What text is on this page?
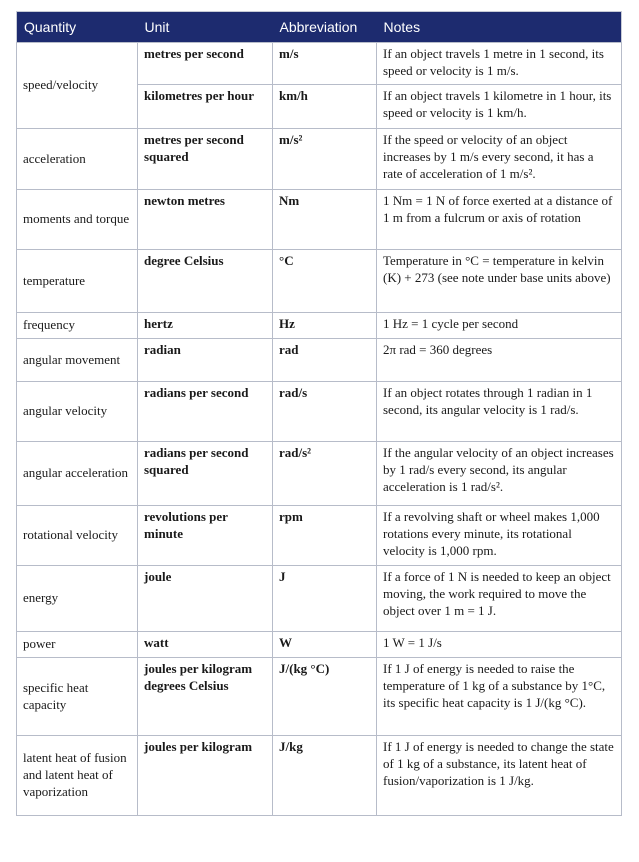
Quantity	Unit	Abbreviation	Notes
speed/velocity	metres per second	m/s	If an object travels 1 metre in 1 second, its speed or velocity is 1 m/s.
	kilometres per hour	km/h	If an object travels 1 kilometre in 1 hour, its speed or velocity is 1 km/h.
acceleration	metres per second squared	m/s²	If the speed or velocity of an object increases by 1 m/s every second, it has a rate of acceleration of 1 m/s².
moments and torque	newton metres	Nm	1 Nm = 1 N of force exerted at a distance of 1 m from a fulcrum or axis of rotation
temperature	degree Celsius	°C	Temperature in °C = temperature in kelvin (K) + 273 (see note under base units above)
frequency	hertz	Hz	1 Hz = 1 cycle per second
angular movement	radian	rad	2π rad = 360 degrees
angular velocity	radians per second	rad/s	If an object rotates through 1 radian in 1 second, its angular velocity is 1 rad/s.
angular acceleration	radians per second squared	rad/s²	If the angular velocity of an object increases by 1 rad/s every second, its angular acceleration is 1 rad/s².
rotational velocity	revolutions per minute	rpm	If a revolving shaft or wheel makes 1,000 rotations every minute, its rotational velocity is 1,000 rpm.
energy	joule	J	If a force of 1 N is needed to keep an object moving, the work required to move the object over 1 m = 1 J.
power	watt	W	1 W = 1 J/s
specific heat capacity	joules per kilogram degrees Celsius	J/(kg °C)	If 1 J of energy is needed to raise the temperature of 1 kg of a substance by 1°C, its specific heat capacity is 1 J/(kg °C).
latent heat of fusion and latent heat of vaporization	joules per kilogram	J/kg	If 1 J of energy is needed to change the state of 1 kg of a substance, its latent heat of fusion/vaporization is 1 J/kg.
